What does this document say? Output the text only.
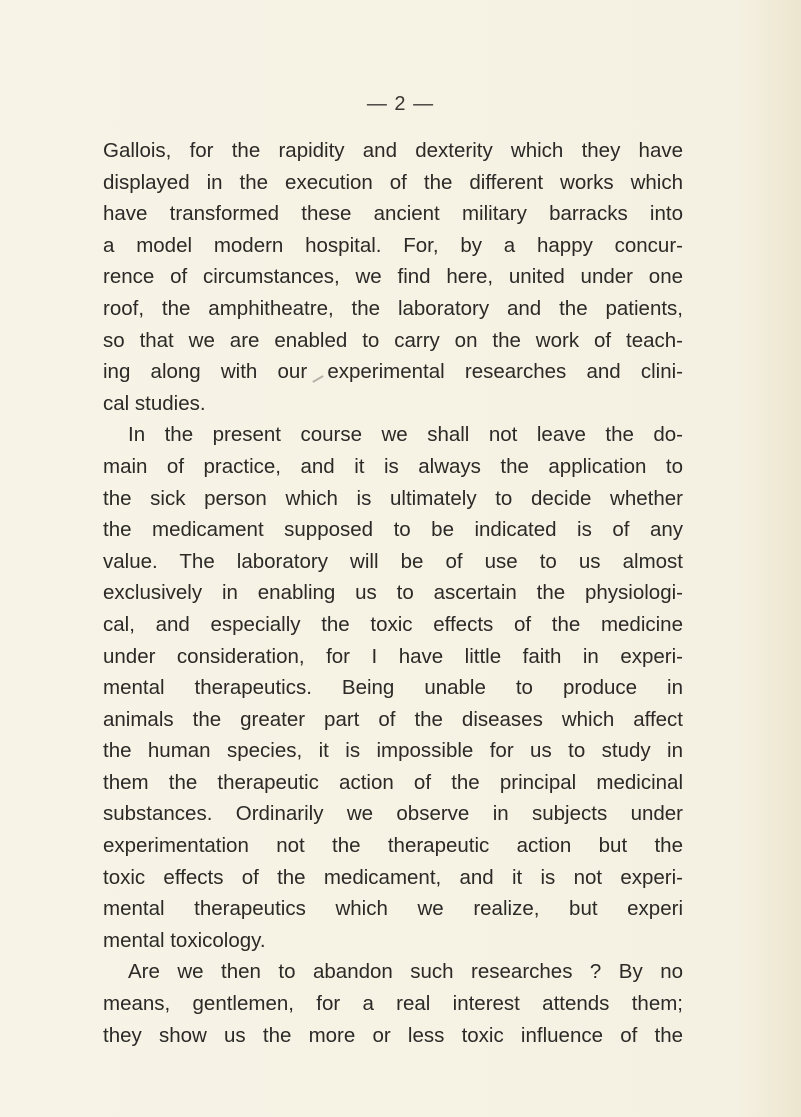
— 2 —
Gallois, for the rapidity and dexterity which they have
displayed in the execution of the different works which
have transformed these ancient military barracks into
a model modern hospital. For, by a happy concur-
rence of circumstances, we find here, united under one
roof, the amphitheatre, the laboratory and the patients,
so that we are enabled to carry on the work of teach-
ing along with our experimental researches and clini-
cal studies.
In the present course we shall not leave the do-
main of practice, and it is always the application to
the sick person which is ultimately to decide whether
the medicament supposed to be indicated is of any
value. The laboratory will be of use to us almost
exclusively in enabling us to ascertain the physiologi-
cal, and especially the toxic effects of the medicine
under consideration, for I have little faith in experi-
mental therapeutics. Being unable to produce in
animals the greater part of the diseases which affect
the human species, it is impossible for us to study in
them the therapeutic action of the principal medicinal
substances. Ordinarily we observe in subjects under
experimentation not the therapeutic action but the
toxic effects of the medicament, and it is not experi-
mental therapeutics which we realize, but experi
mental toxicology.
Are we then to abandon such researches ? By no
means, gentlemen, for a real interest attends them;
they show us the more or less toxic influence of the
